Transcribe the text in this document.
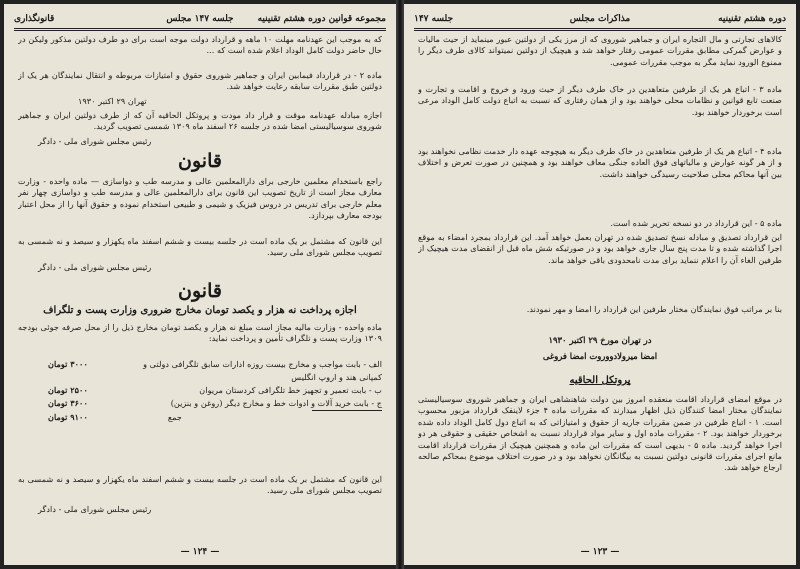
مجموعه قوانین دوره هشتم تقنینیه
جلسه ۱۴۷ مجلس
قانونگذاری

که به موجب این عهدنامه مهلت ۱۰ ماهه و قرارداد دولت موجه است برای دو طرف دولتین مذکور ولیکن در حال حاضر دولت کامل الوداد اعلام شده است که ...

ماده ۲ - در قرارداد فیمابین ایران و جماهیر شوروی حقوق و امتیازات مربوطه و انتقال نمایندگان هر یک از دولتین طبق مقررات سابقه رعایت خواهد شد.

تهران ۲۹ اکتبر ۱۹۳۰

اجازه مبادله عهدنامه موقت و قرار داد مودت و پروتکل الحاقیه آن که از طرف دولتین ایران و جماهیر شوروی سوسیالیستی امضا شده در جلسه ۲۶ اسفند ماه ۱۳۰۹ شمسی تصویب گردید.

رئیس مجلس شورای ملی - دادگر

قانون

راجع باستخدام معلمین خارجی برای دارالمعلمین عالی و مدرسه طب و دواسازی — ماده واحده - وزارت معارف مجاز است از تاریخ تصویب این قانون برای دارالمعلمین عالی و مدرسه طب و دواسازی چهار نفر معلم خارجی برای تدریس در دروس فیزیک و شیمی و طبیعی استخدام نموده و حقوق آنها را از محل اعتبار بودجه معارف بپردازد.

این قانون که مشتمل بر یک ماده است در جلسه بیست و ششم اسفند ماه یکهزار و سیصد و نه شمسی به تصویب مجلس شورای ملی رسید.

رئیس مجلس شورای ملی - دادگر

قانون
اجازه پرداخت نه هزار و یکصد تومان مخارج ضروری وزارت پست و تلگراف

ماده واحده - وزارت مالیه مجاز است مبلغ نه هزار و یکصد تومان مخارج ذیل را از محل صرفه جوئی بودجه ۱۳۰۹ وزارت پست و تلگراف تأمین و پرداخت نماید:

الف - بابت مواجب و مخارج بیست روزه ادارات سابق تلگرافی دولتی و کمپانی هند و اروپ انگلیس
۳۰۰۰ تومان
ب - بابت تعمیر و تجهیز خط تلگرافی کردستان مریوان
۲۵۰۰ تومان
ج - بابت خرید آلات و ادوات خط و مخارج دیگر (روغن و بنزین)
۳۶۰۰ تومان
جمع
۹۱۰۰ تومان

این قانون که مشتمل بر یک ماده است در جلسه بیست و ششم اسفند ماه یکهزار و سیصد و نه شمسی به تصویب مجلس شورای ملی رسید.

رئیس مجلس شورای ملی - دادگر

— ۱۲۴ —
دوره هشتم تقنینیه
مذاکرات مجلس
جلسه ۱۴۷

کالاهای تجارتی و مال التجاره ایران و جماهیر شوروی که از مرز یکی از دولتین عبور مینماید از حیث مالیات و عوارض گمرکی مطابق مقررات عمومی رفتار خواهد شد و هیچیک از دولتین نمیتواند کالای طرف دیگر را ممنوع الورود نماید مگر به موجب مقررات عمومی.

ماده ۳ - اتباع هر یک از طرفین متعاهدین در خاک طرف دیگر از حیث ورود و خروج و اقامت و تجارت و صنعت تابع قوانین و نظامات محلی خواهند بود و از همان رفتاری که نسبت به اتباع دولت کامل الوداد مرعی است برخوردار خواهند بود.

ماده ۴ - اتباع هر یک از طرفین متعاهدین در خاک طرف دیگر به هیچوجه عهده دار خدمت نظامی نخواهند بود و از هر گونه عوارض و مالیاتهای فوق العاده جنگی معاف خواهند بود و همچنین در صورت تعرض و اختلاف بین آنها محاکم محلی صلاحیت رسیدگی خواهند داشت.

ماده ۵ - این قرارداد در دو نسخه تحریر شده است.

این قرارداد تصدیق و مبادله نسخ تصدیق شده در تهران بعمل خواهد آمد. این قرارداد بمجرد امضاء به موقع اجرا گذاشته شده و تا مدت پنج سال جاری خواهد بود و در صورتیکه شش ماه قبل از انقضای مدت هیچیک از طرفین الغاء آن را اعلام ننماید برای مدت نامحدودی باقی خواهد ماند.

بنا بر مراتب فوق نمایندگان مختار طرفین این قرارداد را امضا و مهر نمودند.

در تهران مورخ ۲۹ اکتبر ۱۹۳۰
امضا میرولادووروت امضا فروغی
پروتکل الحاقیه

در موقع امضای قرارداد اقامت منعقده امروز بین دولت شاهنشاهی ایران و جماهیر شوروی سوسیالیستی نمایندگان مختار امضا کنندگان ذیل اظهار میدارند که مقررات ماده ۴ جزء لاینفک قرارداد مزبور محسوب است. ۱ - اتباع طرفین در ضمن مقررات جاریه از حقوق و امتیازاتی که به اتباع دول کامل الوداد داده شده برخوردار خواهند بود. ۲ - مقررات ماده اول و سایر مواد قرارداد نسبت به اشخاص حقیقی و حقوقی هر دو اجرا خواهد گردید. ماده ۵ - بدیهی است که مقررات این ماده و همچنین هیچیک از مقررات قرارداد اقامت مانع اجرای مقررات قانونی دولتین نسبت به بیگانگان نخواهد بود و در صورت اختلاف موضوع بمحاکم صالحه ارجاع خواهد شد.

— ۱۲۳ —
